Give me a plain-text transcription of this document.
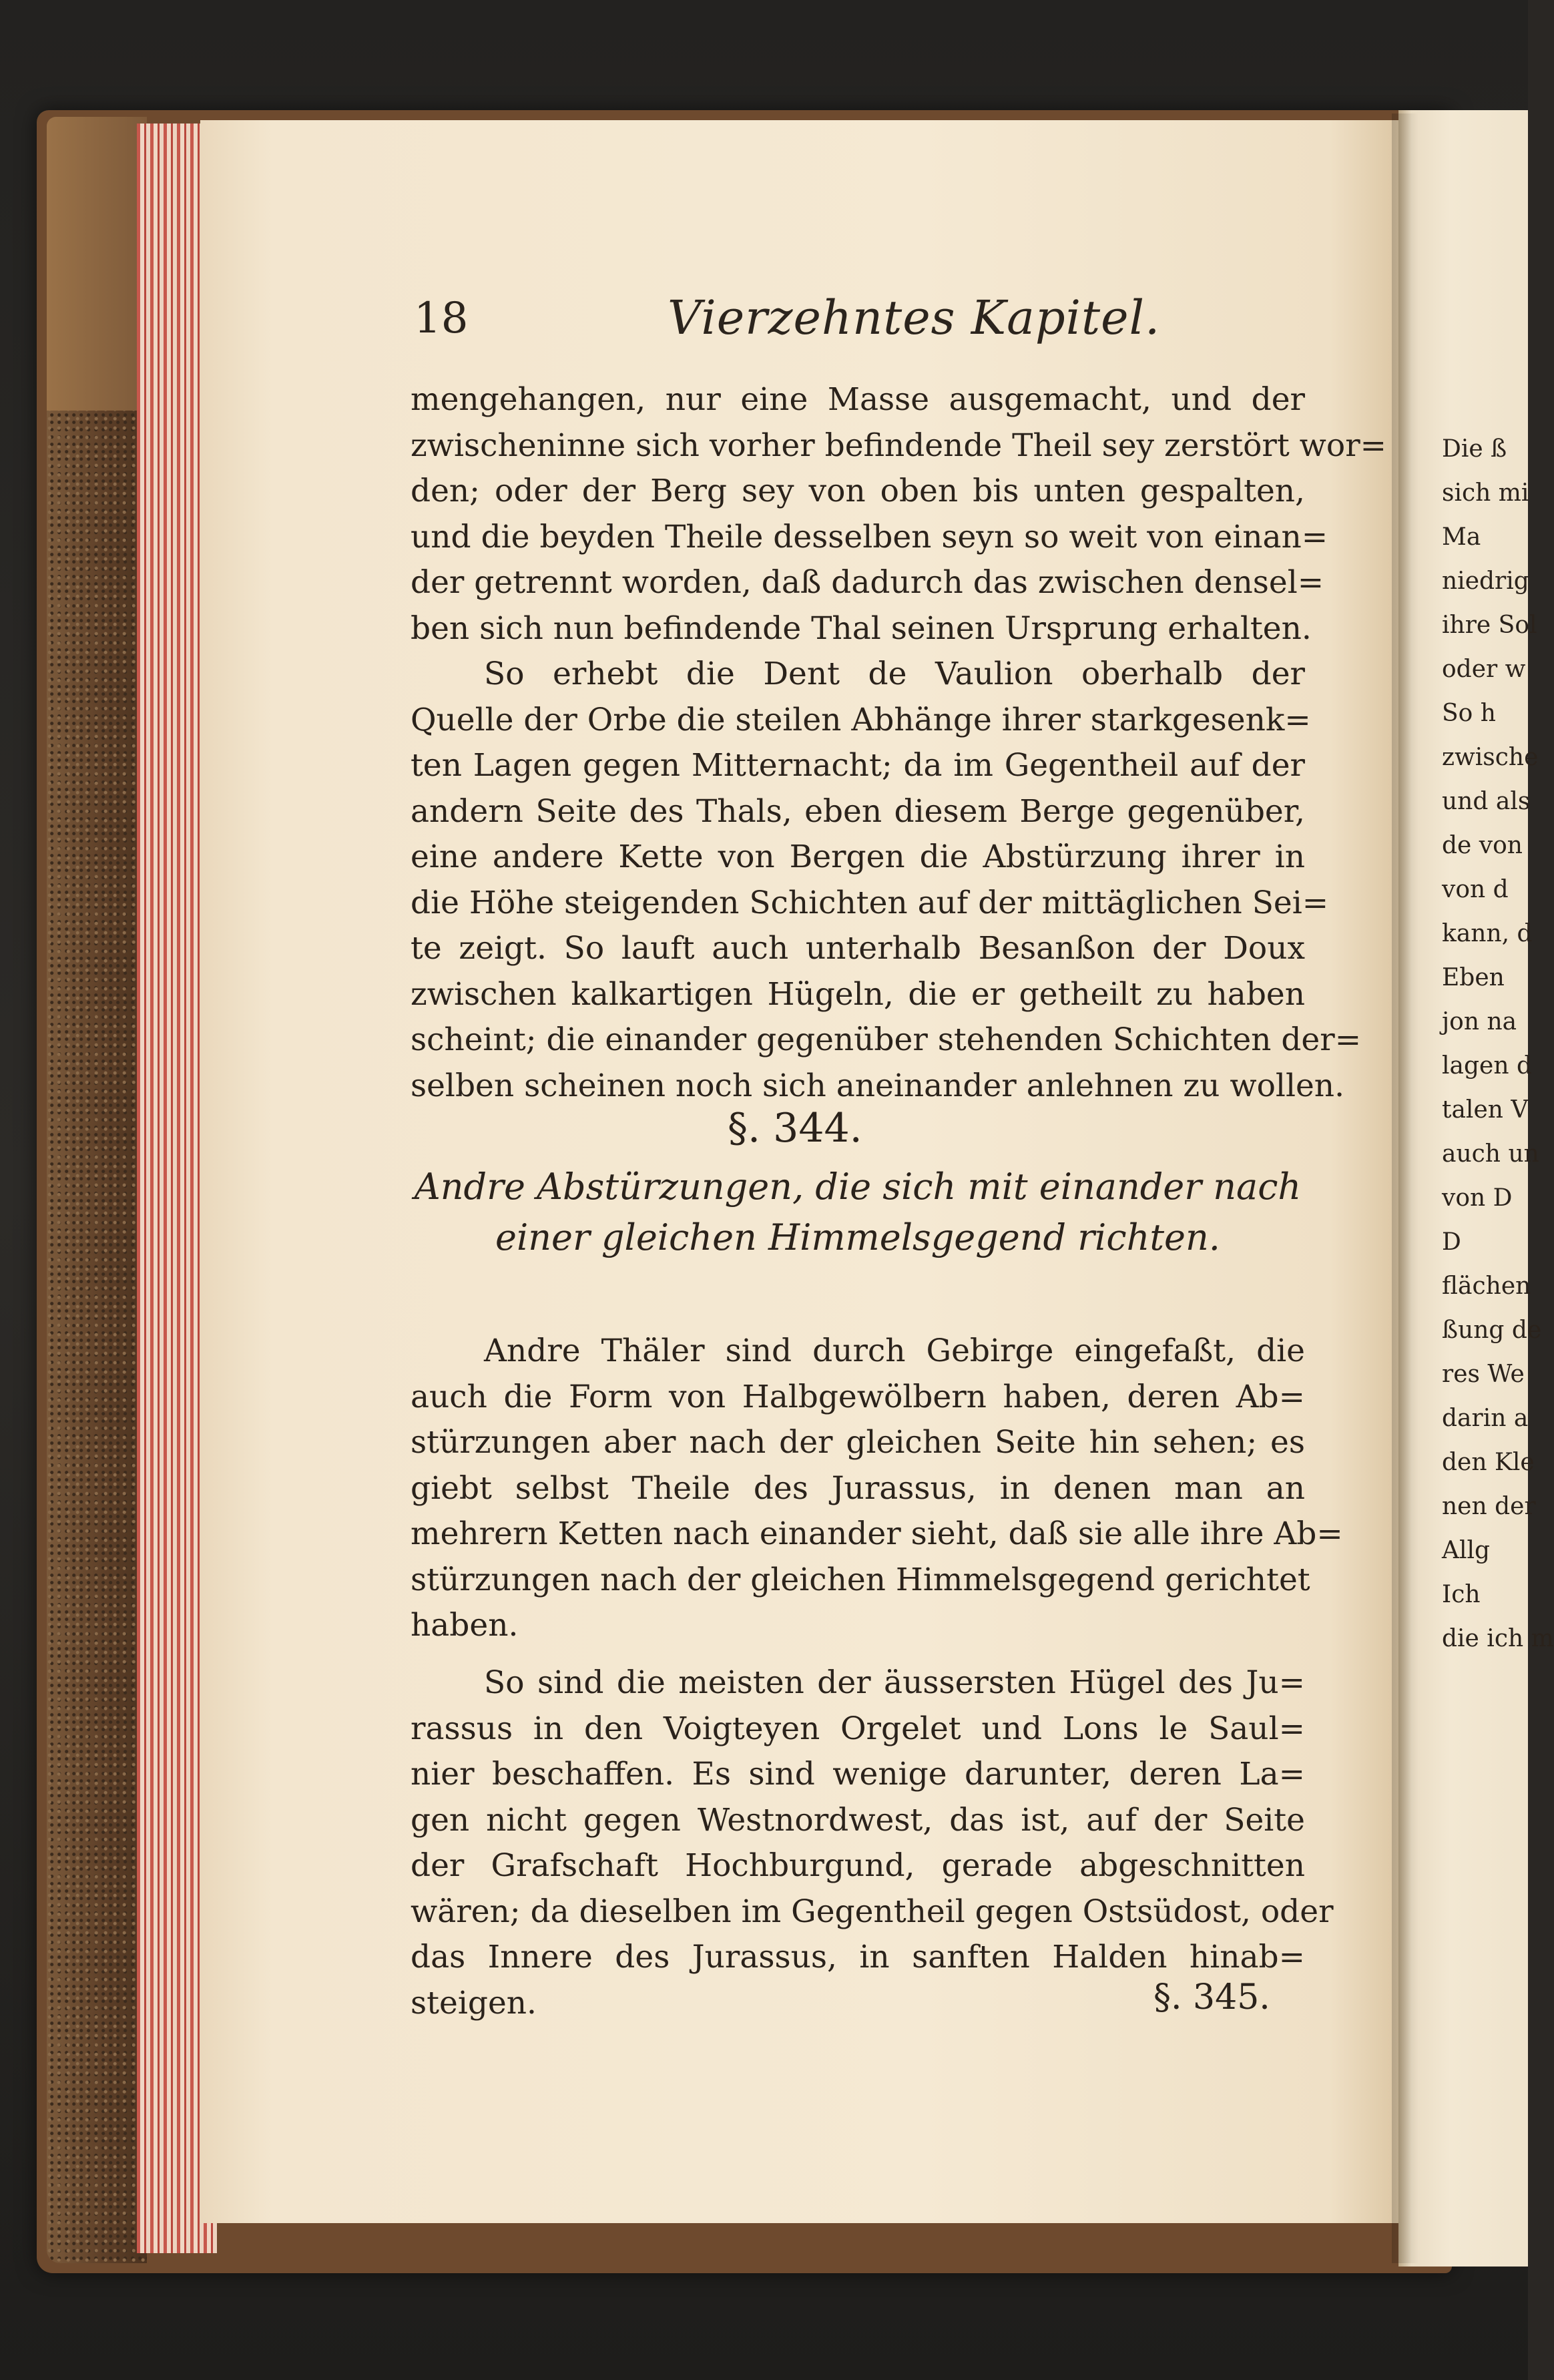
18	Vierzehntes Kapitel.

mengehangen, nur eine Masse ausgemacht, und der

zwischeninne sich vorher befindende Theil sey zerstört wor=

den; oder der Berg sey von oben bis unten gespalten,

und die beyden Theile desselben seyn so weit von einan=

der getrennt worden, daß dadurch das zwischen densel=

ben sich nun befindende Thal seinen Ursprung erhalten.

So erhebt die Dent de Vaulion oberhalb der

Quelle der Orbe die steilen Abhänge ihrer starkgesenk=

ten Lagen gegen Mitternacht; da im Gegentheil auf der

andern Seite des Thals, eben diesem Berge gegenüber,

eine andere Kette von Bergen die Abstürzung ihrer in

die Höhe steigenden Schichten auf der mittäglichen Sei=

te zeigt. So lauft auch unterhalb Besanßon der Doux

zwischen kalkartigen Hügeln, die er getheilt zu haben

scheint; die einander gegenüber stehenden Schichten der=

selben scheinen noch sich aneinander anlehnen zu wollen.

§. 344.
Andre Abstürzungen, die sich mit einander nach
einer gleichen Himmelsgegend richten.

Andre Thäler sind durch Gebirge eingefaßt, die

auch die Form von Halbgewölbern haben, deren Ab=

stürzungen aber nach der gleichen Seite hin sehen; es

giebt selbst Theile des Jurassus, in denen man an

mehrern Ketten nach einander sieht, daß sie alle ihre Ab=

stürzungen nach der gleichen Himmelsgegend gerichtet

haben.

So sind die meisten der äussersten Hügel des Ju=

rassus in den Voigteyen Orgelet und Lons le Saul=

nier beschaffen. Es sind wenige darunter, deren La=

gen nicht gegen Westnordwest, das ist, auf der Seite

der Grafschaft Hochburgund, gerade abgeschnitten

wären; da dieselben im Gegentheil gegen Ostsüdost, oder

das Innere des Jurassus, in sanften Halden hinab=

steigen.	§. 345.
Die ß
sich mi
Ma
niedrig
ihre Sol
oder w
So h
zwische
und als
de von
von d
kann, d
Eben
jon na
lagen d
talen V
auch un
von D
D
flächen
ßung de
res We
darin a
den Kle
nen der
Allg
Ich
die ich m
